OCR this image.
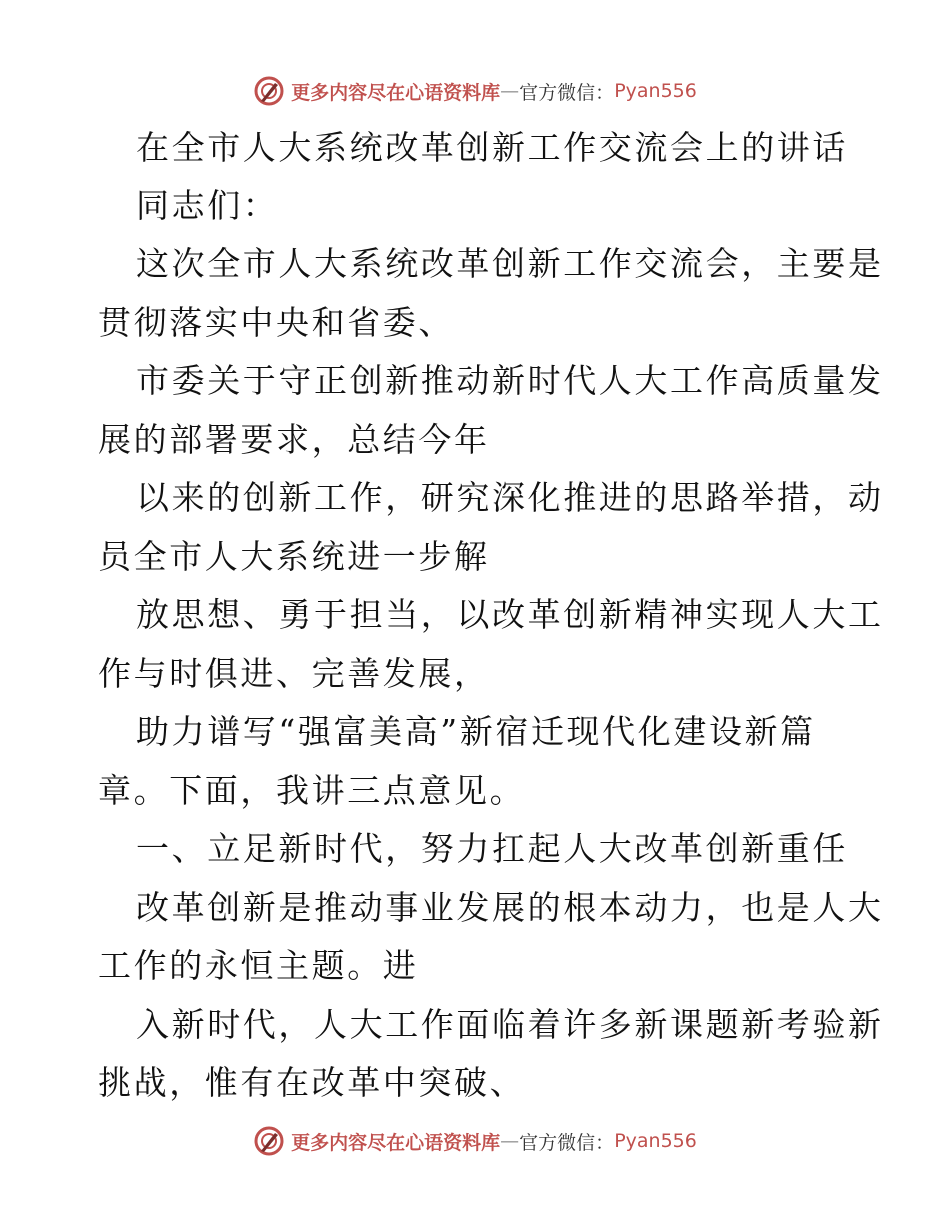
更多内容尽在心语资料库 — 官方微信： Pyan556
在全市人大系统改革创新工作交流会上的讲话
同志们：
这次全市人大系统改革创新工作交流会，主要是
贯彻落实中央和省委、
市委关于守正创新推动新时代人大工作高质量发
展的部署要求，总结今年
以来的创新工作，研究深化推进的思路举措，动
员全市人大系统进一步解
放思想、勇于担当，以改革创新精神实现人大工
作与时俱进、完善发展，
助力谱写“强富美高”新宿迁现代化建设新篇
章。下面，我讲三点意见。
一、立足新时代，努力扛起人大改革创新重任
改革创新是推动事业发展的根本动力，也是人大
工作的永恒主题。进
入新时代，人大工作面临着许多新课题新考验新
挑战，惟有在改革中突破、
更多内容尽在心语资料库 — 官方微信： Pyan556
